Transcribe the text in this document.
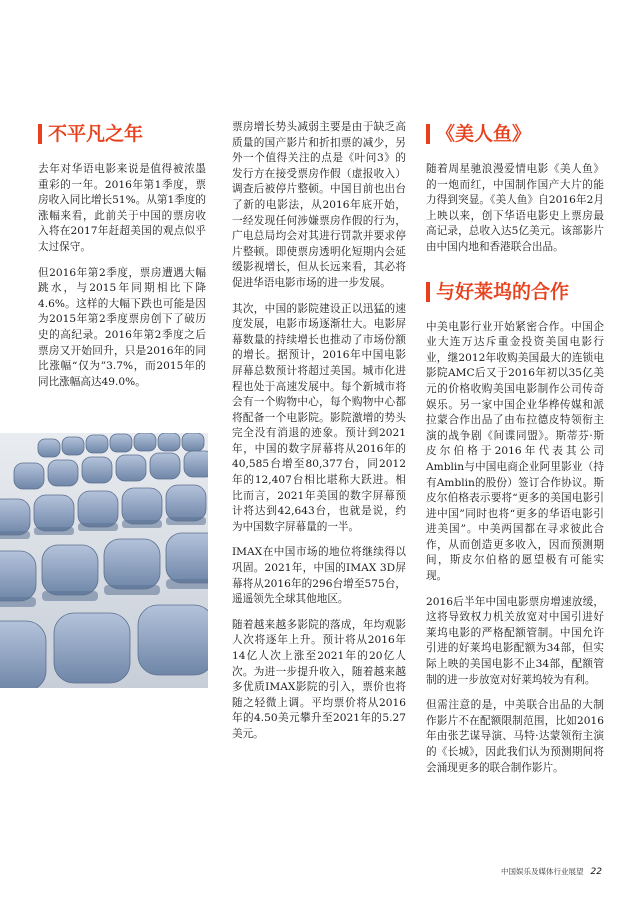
不平凡之年

去年对华语电影来说是值得被浓墨重彩的一年。2016年第1季度，票房收入同比增长51%。从第1季度的涨幅来看，此前关于中国的票房收入将在2017年赶超美国的观点似乎太过保守。

但2016年第2季度，票房遭遇大幅跳水，与2015年同期相比下降4.6%。这样的大幅下跌也可能是因为2015年第2季度票房创下了破历史的高纪录。2016年第2季度之后票房又开始回升，只是2016年的同比涨幅“仅为”3.7%，而2015年的同比涨幅高达49.0%。

票房增长势头减弱主要是由于缺乏高质量的国产影片和折扣票的减少，另外一个值得关注的点是《叶问3》的发行方在接受票房作假（虚报收入）调查后被停片整顿。中国目前也出台了新的电影法，从2016年底开始，一经发现任何涉嫌票房作假的行为，广电总局均会对其进行罚款并要求停片整顿。即使票房透明化短期内会延缓影视增长，但从长远来看，其必将促进华语电影市场的进一步发展。

其次，中国的影院建设正以迅猛的速度发展，电影市场逐渐壮大。电影屏幕数量的持续增长也推动了市场份额的增长。据预计，2016年中国电影屏幕总数预计将超过美国。城市化进程也处于高速发展中。每个新城市将会有一个购物中心，每个购物中心都将配备一个电影院。影院激增的势头完全没有消退的迹象。预计到2021年，中国的数字屏幕将从2016年的40,585台增至80,377台，同2012年的12,407台相比堪称大跃进。相比而言，2021年美国的数字屏幕预计将达到42,643台，也就是说，约为中国数字屏幕量的一半。

IMAX在中国市场的地位将继续得以巩固。2021年，中国的IMAX 3D屏幕将从2016年的296台增至575台，遥遥领先全球其他地区。

随着越来越多影院的落成，年均观影人次将逐年上升。预计将从2016年14亿人次上涨至2021年的20亿人次。为进一步提升收入，随着越来越多优质IMAX影院的引入，票价也将随之轻微上调。平均票价将从2016年的4.50美元攀升至2021年的5.27美元。

《美人鱼》

随着周星驰浪漫爱情电影《美人鱼》的一炮而红，中国制作国产大片的能力得到突显。《美人鱼》自2016年2月上映以来，创下华语电影史上票房最高记录，总收入达5亿美元。该部影片由中国内地和香港联合出品。

与好莱坞的合作

中美电影行业开始紧密合作。中国企业大连万达斥重金投资美国电影行业，继2012年收购美国最大的连锁电影院AMC后又于2016年初以35亿美元的价格收购美国电影制作公司传奇娱乐。另一家中国企业华桦传媒和派拉蒙合作出品了由布拉德皮特领衔主演的战争剧《间谍同盟》。斯蒂芬·斯皮尔伯格于2016年代表其公司Amblin与中国电商企业阿里影业（持有Amblin的股份）签订合作协议。斯皮尔伯格表示要将“更多的美国电影引进中国”同时也将“更多的华语电影引进美国”。中美两国都在寻求彼此合作，从而创造更多收入，因而预测期间，斯皮尔伯格的愿望极有可能实现。

2016后半年中国电影票房增速放缓，这将导致权力机关放宽对中国引进好莱坞电影的严格配额管制。中国允许引进的好莱坞电影配额为34部，但实际上映的美国电影不止34部，配额管制的进一步放宽对好莱坞较为有利。

但需注意的是，中美联合出品的大制作影片不在配额限制范围，比如2016年由张艺谋导演、马特·达蒙领衔主演的《长城》，因此我们认为预测期间将会涌现更多的联合制作影片。

中国娱乐及媒体行业展望 22
